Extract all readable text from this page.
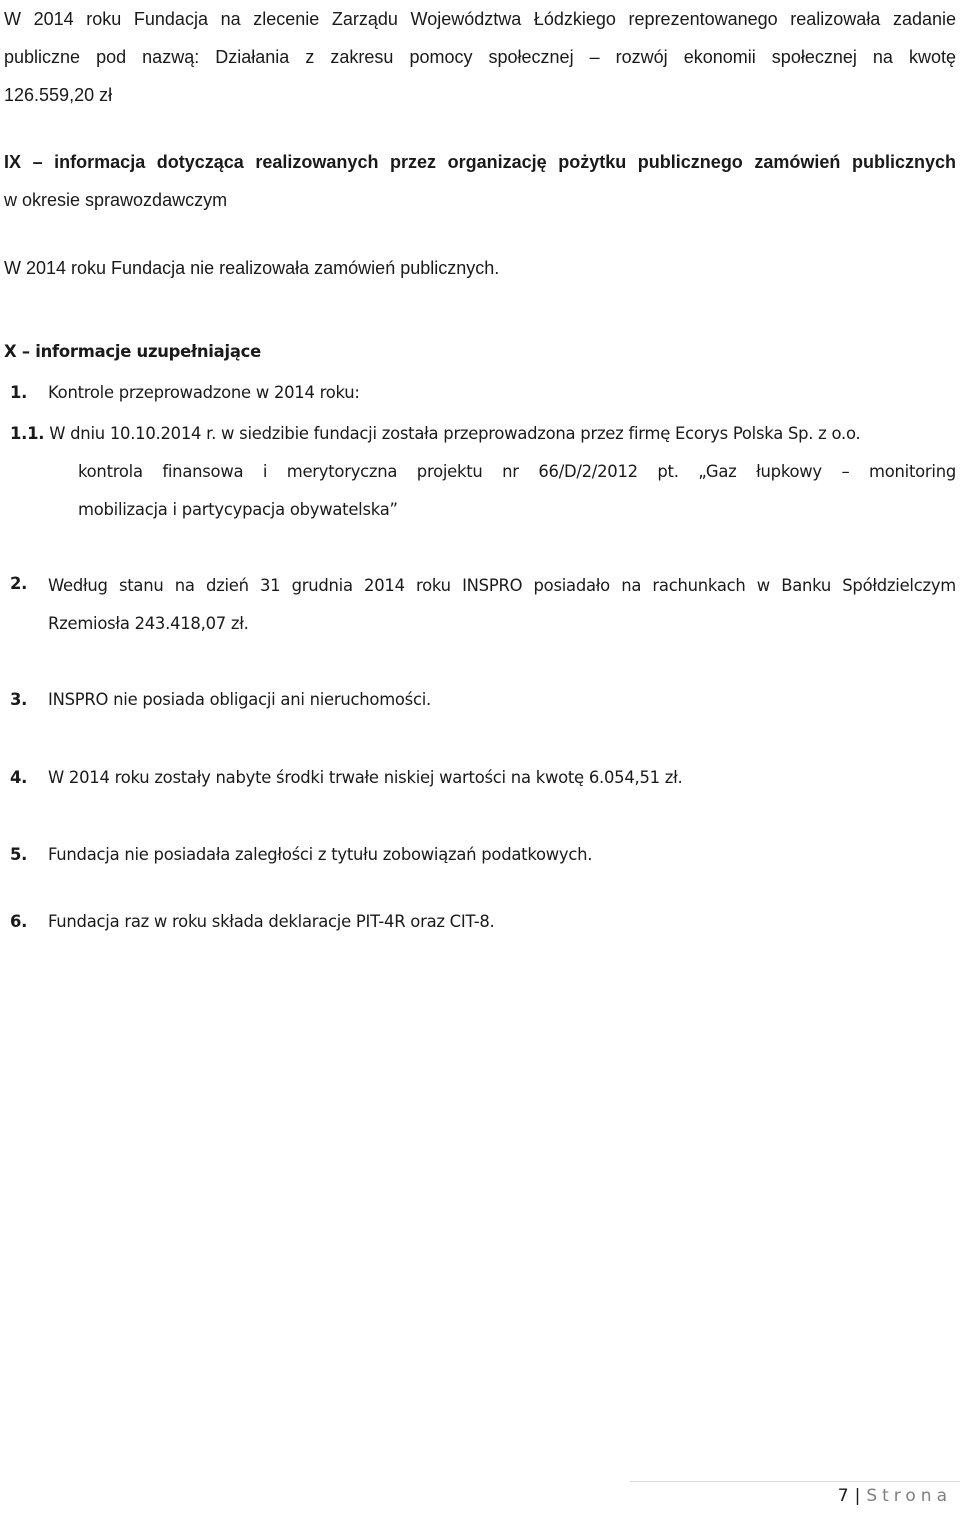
W 2014 roku Fundacja na zlecenie Zarządu Województwa Łódzkiego reprezentowanego realizowała zadanie
publiczne pod nazwą: Działania z zakresu pomocy społecznej – rozwój ekonomii społecznej na kwotę
126.559,20 zł
IX – informacja dotycząca realizowanych przez organizację pożytku publicznego zamówień publicznych
w okresie sprawozdawczym
W 2014 roku Fundacja nie realizowała zamówień publicznych.
X – informacje uzupełniające
1. Kontrole przeprowadzone w 2014 roku:
1.1. W dniu 10.10.2014 r. w siedzibie fundacji została przeprowadzona przez firmę Ecorys Polska Sp. z o.o.
kontrola finansowa i merytoryczna projektu nr 66/D/2/2012 pt. „Gaz łupkowy – monitoring
mobilizacja i partycypacja obywatelska”
2. Według stanu na dzień 31 grudnia 2014 roku INSPRO posiadało na rachunkach w Banku Spółdzielczym
Rzemiosła 243.418,07 zł.
3. INSPRO nie posiada obligacji ani nieruchomości.
4. W 2014 roku zostały nabyte środki trwałe niskiej wartości na kwotę 6.054,51 zł.
5. Fundacja nie posiadała zaległości z tytułu zobowiązań podatkowych.
6. Fundacja raz w roku składa deklaracje PIT-4R oraz CIT-8.
7 | Strona
